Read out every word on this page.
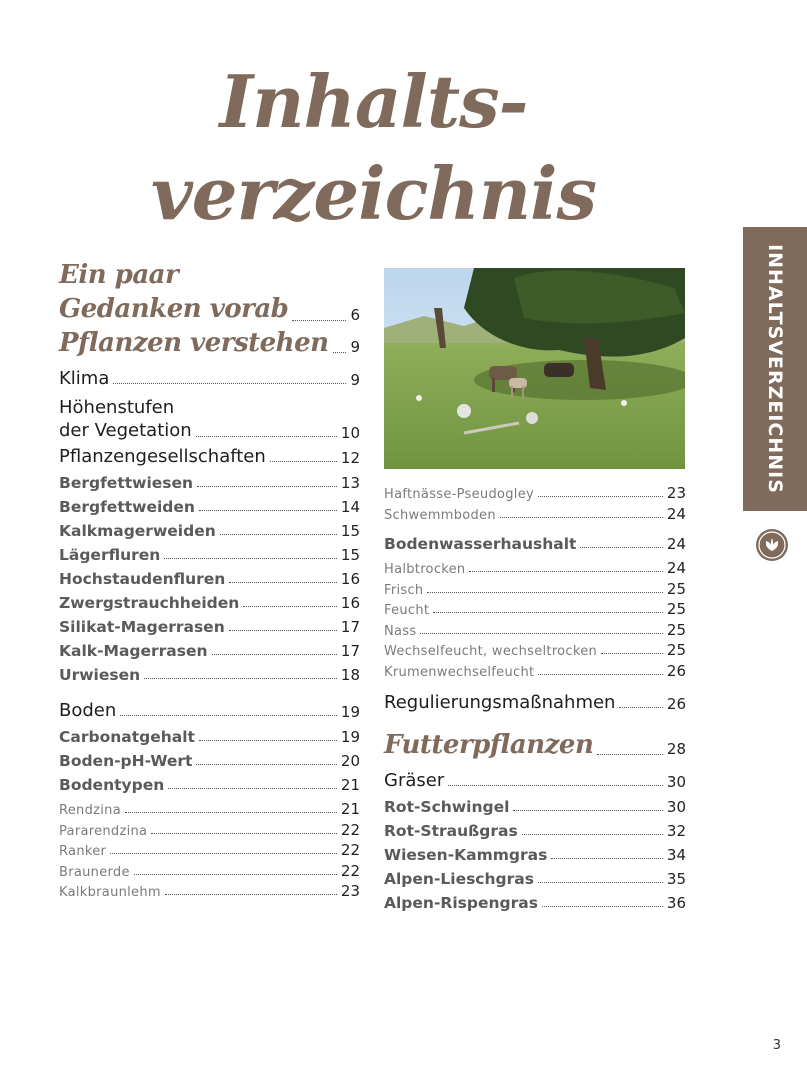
Inhalts-
verzeichnis
Ein paar
Gedanken vorab	6
Pflanzen verstehen 9
Klima	9
Höhenstufen
der Vegetation	10
Pflanzengesellschaften	12
Bergfettwiesen	13
Bergfettweiden	14
Kalkmagerweiden	15
Lägerfluren	15
Hochstaudenfluren	16
Zwergstrauchheiden	16
Silikat-Magerrasen	17
Kalk-Magerrasen	17
Urwiesen	18
Boden	19
Carbonatgehalt	19
Boden-pH-Wert	20
Bodentypen	21
Rendzina	21
Pararendzina	22
Ranker	22
Braunerde	22
Kalkbraunlehm	23
Haftnässe-Pseudogley	23
Schwemmboden	24
Bodenwasserhaushalt	24
Halbtrocken	24
Frisch	25
Feucht	25
Nass	25
Wechselfeucht, wechseltrocken	25
Krumenwechselfeucht	26
Regulierungsmaßnahmen	26
Futterpflanzen	28
Gräser	30
Rot-Schwingel	30
Rot-Straußgras	32
Wiesen-Kammgras	34
Alpen-Lieschgras	35
Alpen-Rispengras	36
INHALTSVERZEICHNIS
3
